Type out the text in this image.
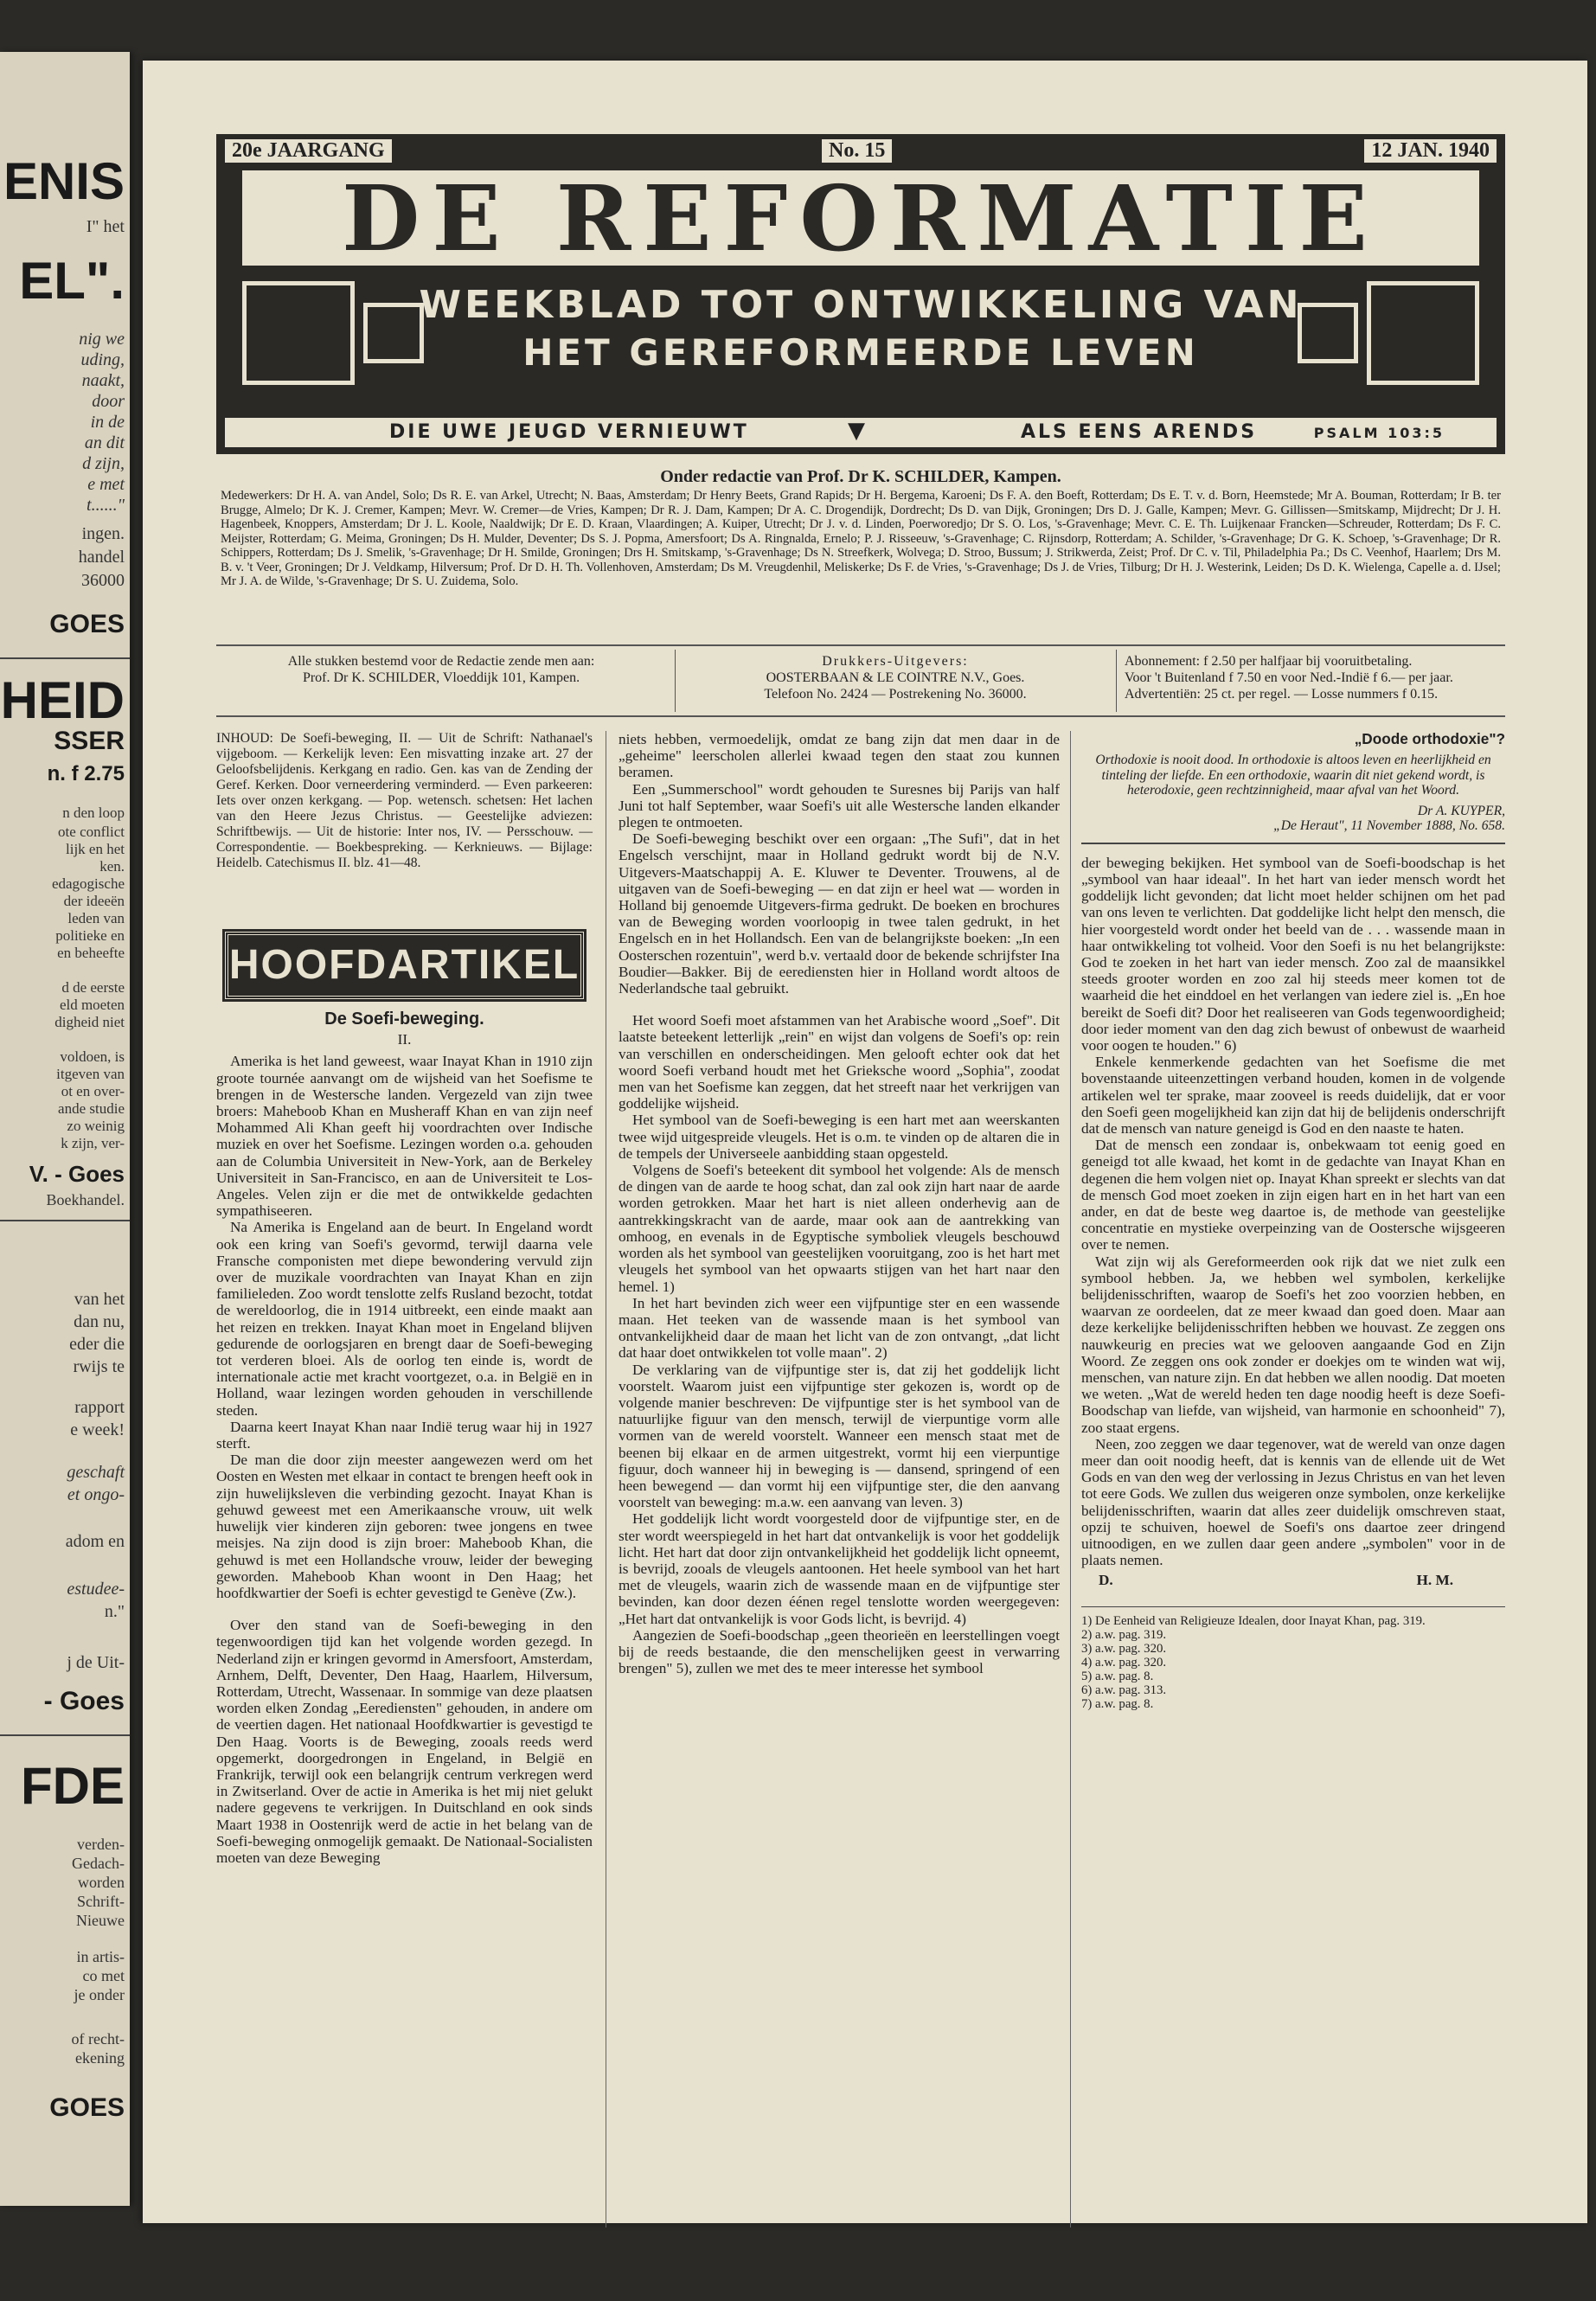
ENIS
I" het
EL".
nig we
uding,
naakt,
door
in de
an dit
d zijn,
e met
t......"
ingen.
handel
36000
GOES
HEID
SSER
n. f 2.75
n den loop
ote conflict
lijk en het
ken.
edagogische
der ideeën
leden van
politieke en
en beheefte
d de eerste
eld moeten
digheid niet
voldoen, is
itgeven van
ot en over-
ande studie
zo weinig
k zijn, ver-
V. - Goes
Boekhandel.
van het
dan nu,
eder die
rwijs te
rapport
e week!
geschaft
et ongo-
adom en
estudee-
n."
j de Uit-
- Goes
FDE
verden-
Gedach-
worden
Schrift-
Nieuwe
in artis-
co met
je onder
of recht-
ekening
GOES
20e JAARGANG	No. 15	12 JAN. 1940
DE REFORMATIE
WEEKBLAD TOT ONTWIKKELING VAN
HET GEREFORMEERDE LEVEN
DIE UWE JEUGD VERNIEUWT	▼	ALS EENS ARENDS	PSALM 103:5
Onder redactie van Prof. Dr K. SCHILDER, Kampen.
Medewerkers: Dr H. A. van Andel, Solo; Ds R. E. van Arkel, Utrecht; N. Baas, Amsterdam; Dr Henry Beets, Grand Rapids; Dr H. Bergema, Karoeni; Ds F. A. den Boeft, Rotterdam; Ds E. T. v. d. Born, Heemstede; Mr A. Bouman, Rotterdam; Ir B. ter Brugge, Almelo; Dr K. J. Cremer, Kampen; Mevr. W. Cremer—de Vries, Kampen; Dr R. J. Dam, Kampen; Dr A. C. Drogendijk, Dordrecht; Ds D. van Dijk, Groningen; Drs D. J. Galle, Kampen; Mevr. G. Gillissen—Smitskamp, Mijdrecht; Dr J. H. Hagenbeek, Knoppers, Amsterdam; Dr J. L. Koole, Naaldwijk; Dr E. D. Kraan, Vlaardingen; A. Kuiper, Utrecht; Dr J. v. d. Linden, Poerworedjo; Dr S. O. Los, 's-Gravenhage; Mevr. C. E. Th. Luijkenaar Francken—Schreuder, Rotterdam; Ds F. C. Meijster, Rotterdam; G. Meima, Groningen; Ds H. Mulder, Deventer; Ds S. J. Popma, Amersfoort; Ds A. Ringnalda, Ernelo; P. J. Risseeuw, 's-Gravenhage; C. Rijnsdorp, Rotterdam; A. Schilder, 's-Gravenhage; Dr G. K. Schoep, 's-Gravenhage; Dr R. Schippers, Rotterdam; Ds J. Smelik, 's-Gravenhage; Dr H. Smilde, Groningen; Drs H. Smitskamp, 's-Gravenhage; Ds N. Streefkerk, Wolvega; D. Stroo, Bussum; J. Strikwerda, Zeist; Prof. Dr C. v. Til, Philadelphia Pa.; Ds C. Veenhof, Haarlem; Drs M. B. v. 't Veer, Groningen; Dr J. Veldkamp, Hilversum; Prof. Dr D. H. Th. Vollenhoven, Amsterdam; Ds M. Vreugdenhil, Meliskerke; Ds F. de Vries, 's-Gravenhage; Ds J. de Vries, Tilburg; Dr H. J. Westerink, Leiden; Ds D. K. Wielenga, Capelle a. d. IJsel; Mr J. A. de Wilde, 's-Gravenhage; Dr S. U. Zuidema, Solo.
Alle stukken bestemd voor de Redactie zende men aan:
Prof. Dr K. SCHILDER, Vloeddijk 101, Kampen.
Drukkers-Uitgevers:
OOSTERBAAN & LE COINTRE N.V., Goes.
Telefoon No. 2424 — Postrekening No. 36000.
Abonnement: f 2.50 per halfjaar bij vooruitbetaling.
Voor 't Buitenland f 7.50 en voor Ned.-Indië f 6.— per jaar.
Advertentiën: 25 ct. per regel. — Losse nummers f 0.15.

INHOUD: De Soefi-beweging, II. — Uit de Schrift: Nathanael's vijgeboom. — Kerkelijk leven: Een misvatting inzake art. 27 der Geloofsbelijdenis. Kerkgang en radio. Gen. kas van de Zending der Geref. Kerken. Door verneerdering verminderd. — Even parkeeren: Iets over onzen kerkgang. — Pop. wetensch. schetsen: Het lachen van den Heere Jezus Christus. — Geestelijke adviezen: Schriftbewijs. — Uit de historie: Inter nos, IV. — Persschouw. — Correspondentie. — Boekbespreking. — Kerknieuws. — Bijlage: Heidelb. Catechismus II. blz. 41—48.

HOOFDARTIKEL
De Soefi-beweging.
II.

Amerika is het land geweest, waar Inayat Khan in 1910 zijn groote tournée aanvangt om de wijsheid van het Soefisme te brengen in de Westersche landen. Vergezeld van zijn twee broers: Maheboob Khan en Musheraff Khan en van zijn neef Mohammed Ali Khan geeft hij voordrachten over Indische muziek en over het Soefisme. Lezingen worden o.a. gehouden aan de Columbia Universiteit in New-York, aan de Berkeley Universiteit in San-Francisco, en aan de Universiteit te Los-Angeles. Velen zijn er die met de ontwikkelde gedachten sympathiseeren.

Na Amerika is Engeland aan de beurt. In Engeland wordt ook een kring van Soefi's gevormd, terwijl daarna vele Fransche componisten met diepe bewondering vervuld zijn over de muzikale voordrachten van Inayat Khan en zijn familieleden. Zoo wordt tenslotte zelfs Rusland bezocht, totdat de wereldoorlog, die in 1914 uitbreekt, een einde maakt aan het reizen en trekken. Inayat Khan moet in Engeland blijven gedurende de oorlogsjaren en brengt daar de Soefi-beweging tot verderen bloei. Als de oorlog ten einde is, wordt de internationale actie met kracht voortgezet, o.a. in België en in Holland, waar lezingen worden gehouden in verschillende steden.

Daarna keert Inayat Khan naar Indië terug waar hij in 1927 sterft.

De man die door zijn meester aangewezen werd om het Oosten en Westen met elkaar in contact te brengen heeft ook in zijn huwelijksleven die verbinding gezocht. Inayat Khan is gehuwd geweest met een Amerikaansche vrouw, uit welk huwelijk vier kinderen zijn geboren: twee jongens en twee meisjes. Na zijn dood is zijn broer: Maheboob Khan, die gehuwd is met een Hollandsche vrouw, leider der beweging geworden. Maheboob Khan woont in Den Haag; het hoofdkwartier der Soefi is echter gevestigd te Genève (Zw.).

Over den stand van de Soefi-beweging in den tegenwoordigen tijd kan het volgende worden gezegd. In Nederland zijn er kringen gevormd in Amersfoort, Amsterdam, Arnhem, Delft, Deventer, Den Haag, Haarlem, Hilversum, Rotterdam, Utrecht, Wassenaar. In sommige van deze plaatsen worden elken Zondag „Eerediensten" gehouden, in andere om de veertien dagen. Het nationaal Hoofdkwartier is gevestigd te Den Haag. Voorts is de Beweging, zooals reeds werd opgemerkt, doorgedrongen in Engeland, in België en Frankrijk, terwijl ook een belangrijk centrum verkregen werd in Zwitserland. Over de actie in Amerika is het mij niet gelukt nadere gegevens te verkrijgen. In Duitschland en ook sinds Maart 1938 in Oostenrijk werd de actie in het belang van de Soefi-beweging onmogelijk gemaakt. De Nationaal-Socialisten moeten van deze Beweging

niets hebben, vermoedelijk, omdat ze bang zijn dat men daar in de „geheime" leerscholen allerlei kwaad tegen den staat zou kunnen beramen.

Een „Summerschool" wordt gehouden te Suresnes bij Parijs van half Juni tot half September, waar Soefi's uit alle Westersche landen elkander plegen te ontmoeten.

De Soefi-beweging beschikt over een orgaan: „The Sufi", dat in het Engelsch verschijnt, maar in Holland gedrukt wordt bij de N.V. Uitgevers-Maatschappij A. E. Kluwer te Deventer. Trouwens, al de uitgaven van de Soefi-beweging — en dat zijn er heel wat — worden in Holland bij genoemde Uitgevers-firma gedrukt. De boeken en brochures van de Beweging worden voorloopig in twee talen gedrukt, in het Engelsch en in het Hollandsch. Een van de belangrijkste boeken: „In een Oosterschen rozentuin", werd b.v. vertaald door de bekende schrijfster Ina Boudier—Bakker. Bij de eerediensten hier in Holland wordt altoos de Nederlandsche taal gebruikt.

Het woord Soefi moet afstammen van het Arabische woord „Soef". Dit laatste beteekent letterlijk „rein" en wijst dan volgens de Soefi's op: rein van verschillen en onderscheidingen. Men gelooft echter ook dat het woord Soefi verband houdt met het Grieksche woord „Sophia", zoodat men van het Soefisme kan zeggen, dat het streeft naar het verkrijgen van goddelijke wijsheid.

Het symbool van de Soefi-beweging is een hart met aan weerskanten twee wijd uitgespreide vleugels. Het is o.m. te vinden op de altaren die in de tempels der Universeele aanbidding staan opgesteld.

Volgens de Soefi's beteekent dit symbool het volgende: Als de mensch de dingen van de aarde te hoog schat, dan zal ook zijn hart naar de aarde worden getrokken. Maar het hart is niet alleen onderhevig aan de aantrekkingskracht van de aarde, maar ook aan de aantrekking van omhoog, en evenals in de Egyptische symboliek vleugels beschouwd worden als het symbool van geestelijken vooruitgang, zoo is het hart met vleugels het symbool van het opwaarts stijgen van het hart naar den hemel. 1)

In het hart bevinden zich weer een vijfpuntige ster en een wassende maan. Het teeken van de wassende maan is het symbool van ontvankelijkheid daar de maan het licht van de zon ontvangt, „dat licht dat haar doet ontwikkelen tot volle maan". 2)

De verklaring van de vijfpuntige ster is, dat zij het goddelijk licht voorstelt. Waarom juist een vijfpuntige ster gekozen is, wordt op de volgende manier beschreven: De vijfpuntige ster is het symbool van de natuurlijke figuur van den mensch, terwijl de vierpuntige vorm alle vormen van de wereld voorstelt. Wanneer een mensch staat met de beenen bij elkaar en de armen uitgestrekt, vormt hij een vierpuntige figuur, doch wanneer hij in beweging is — dansend, springend of een heen bewegend — dan vormt hij een vijfpuntige ster, die den aanvang voorstelt van beweging: m.a.w. een aanvang van leven. 3)

Het goddelijk licht wordt voorgesteld door de vijfpuntige ster, en de ster wordt weerspiegeld in het hart dat ontvankelijk is voor het goddelijk licht. Het hart dat door zijn ontvankelijkheid het goddelijk licht opneemt, is bevrijd, zooals de vleugels aantoonen. Het heele symbool van het hart met de vleugels, waarin zich de wassende maan en de vijfpuntige ster bevinden, kan door dezen éénen regel tenslotte worden weergegeven: „Het hart dat ontvankelijk is voor Gods licht, is bevrijd. 4)

Aangezien de Soefi-boodschap „geen theorieën en leerstellingen voegt bij de reeds bestaande, die den menschelijken geest in verwarring brengen" 5), zullen we met des te meer interesse het symbool

„Doode orthodoxie"?
Orthodoxie is nooit dood. In orthodoxie is altoos leven en heerlijkheid en tinteling der liefde. En een orthodoxie, waarin dit niet gekend wordt, is heterodoxie, geen rechtzinnigheid, maar afval van het Woord.
Dr A. KUYPER,
„De Heraut", 11 November 1888, No. 658.

der beweging bekijken. Het symbool van de Soefi-boodschap is het „symbool van haar ideaal". In het hart van ieder mensch wordt het goddelijk licht gevonden; dat licht moet helder schijnen om het pad van ons leven te verlichten. Dat goddelijke licht helpt den mensch, die hier voorgesteld wordt onder het beeld van de . . . wassende maan in haar ontwikkeling tot volheid. Voor den Soefi is nu het belangrijkste: God te zoeken in het hart van ieder mensch. Zoo zal de maansikkel steeds grooter worden en zoo zal hij steeds meer komen tot de waarheid die het einddoel en het verlangen van iedere ziel is. „En hoe bereikt de Soefi dit? Door het realiseeren van Gods tegenwoordigheid; door ieder moment van den dag zich bewust of onbewust de waarheid voor oogen te houden." 6)

Enkele kenmerkende gedachten van het Soefisme die met bovenstaande uiteenzettingen verband houden, komen in de volgende artikelen wel ter sprake, maar zooveel is reeds duidelijk, dat er voor den Soefi geen mogelijkheid kan zijn dat hij de belijdenis onderschrijft dat de mensch van nature geneigd is God en den naaste te haten.

Dat de mensch een zondaar is, onbekwaam tot eenig goed en geneigd tot alle kwaad, het komt in de gedachte van Inayat Khan en degenen die hem volgen niet op. Inayat Khan spreekt er slechts van dat de mensch God moet zoeken in zijn eigen hart en in het hart van een ander, en dat de beste weg daartoe is, de methode van geestelijke concentratie en mystieke overpeinzing van de Oostersche wijsgeeren over te nemen.

Wat zijn wij als Gereformeerden ook rijk dat we niet zulk een symbool hebben. Ja, we hebben wel symbolen, kerkelijke belijdenisschriften, waarop de Soefi's het zoo voorzien hebben, en waarvan ze oordeelen, dat ze meer kwaad dan goed doen. Maar aan deze kerkelijke belijdenisschriften hebben we houvast. Ze zeggen ons nauwkeurig en precies wat we gelooven aangaande God en Zijn Woord. Ze zeggen ons ook zonder er doekjes om te winden wat wij, menschen, van nature zijn. En dat hebben we allen noodig. Dat moeten we weten. „Wat de wereld heden ten dage noodig heeft is deze Soefi-Boodschap van liefde, van wijsheid, van harmonie en schoonheid" 7), zoo staat ergens.

Neen, zoo zeggen we daar tegenover, wat de wereld van onze dagen meer dan ooit noodig heeft, dat is kennis van de ellende uit de Wet Gods en van den weg der verlossing in Jezus Christus en van het leven tot eere Gods. We zullen dus weigeren onze symbolen, onze kerkelijke belijdenisschriften, waarin dat alles zeer duidelijk omschreven staat, opzij te schuiven, hoewel de Soefi's ons daartoe zeer dringend uitnoodigen, en we zullen daar geen andere „symbolen" voor in de plaats nemen.

D.	H. M.
1) De Eenheid van Religieuze Idealen, door Inayat Khan, pag. 319.
2) a.w. pag. 319.
3) a.w. pag. 320.
4) a.w. pag. 320.
5) a.w. pag. 8.
6) a.w. pag. 313.
7) a.w. pag. 8.
